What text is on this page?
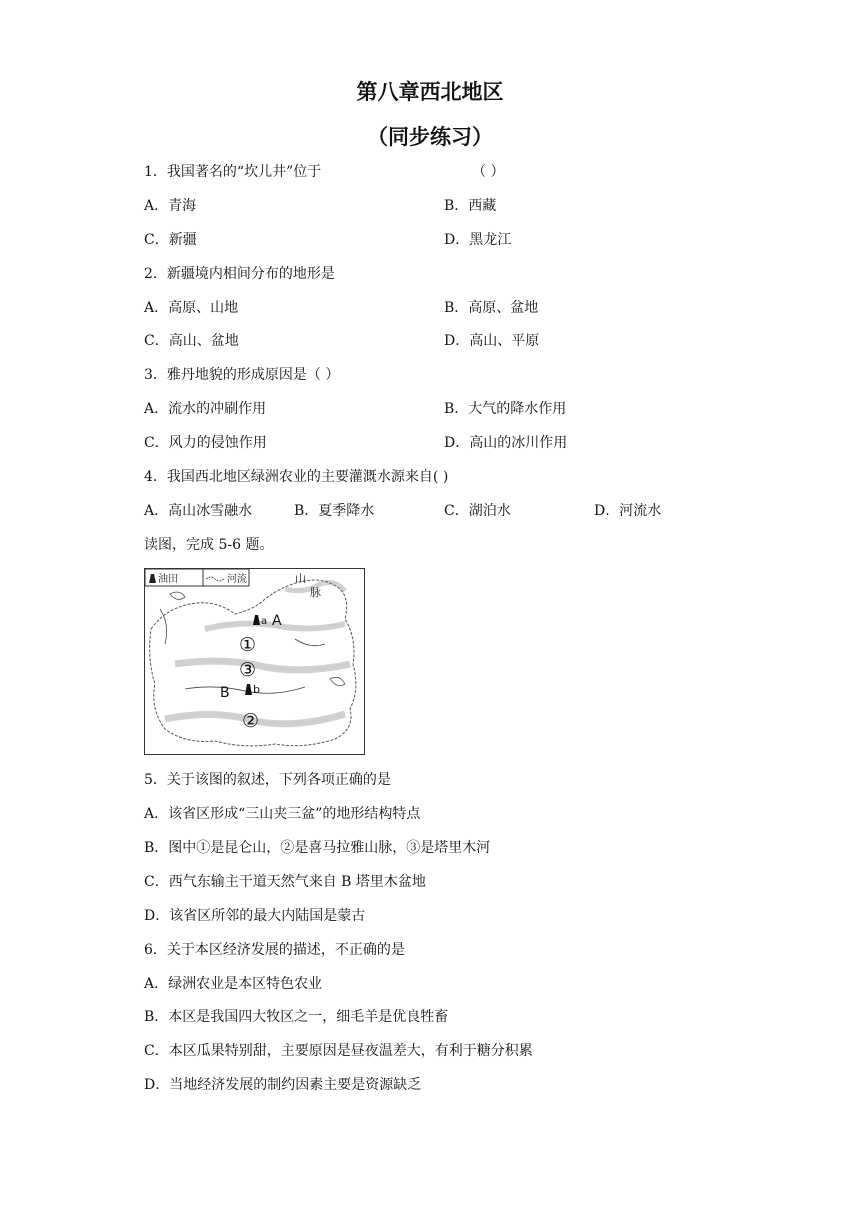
第八章西北地区
（同步练习）
1．我国著名的“坎儿井”位于	（ ）
A．青海	B．西藏
C．新疆	D．黑龙江
2．新疆境内相间分布的地形是
A．高原、山地	B．高原、盆地
C．高山、盆地	D．高山、平原
3．雅丹地貌的形成原因是（ ）
A．流水的冲刷作用	B．大气的降水作用
C．风力的侵蚀作用	D．高山的冰川作用
4．我国西北地区绿洲农业的主要灌溉水源来自( )
A．高山冰雪融水	B．夏季降水	C．湖泊水	D．河流水
读图，完成 5-6 题。
油田	河流	山
脉
A
B
a
b
①
③
②
5．关于该图的叙述，下列各项正确的是
A．该省区形成“三山夹三盆”的地形结构特点
B．图中①是昆仑山，②是喜马拉雅山脉，③是塔里木河
C．西气东输主干道天然气来自 B 塔里木盆地
D．该省区所邻的最大内陆国是蒙古
6．关于本区经济发展的描述，不正确的是
A．绿洲农业是本区特色农业
B．本区是我国四大牧区之一，细毛羊是优良牲畜
C．本区瓜果特别甜，主要原因是昼夜温差大，有利于糖分积累
D．当地经济发展的制约因素主要是资源缺乏
